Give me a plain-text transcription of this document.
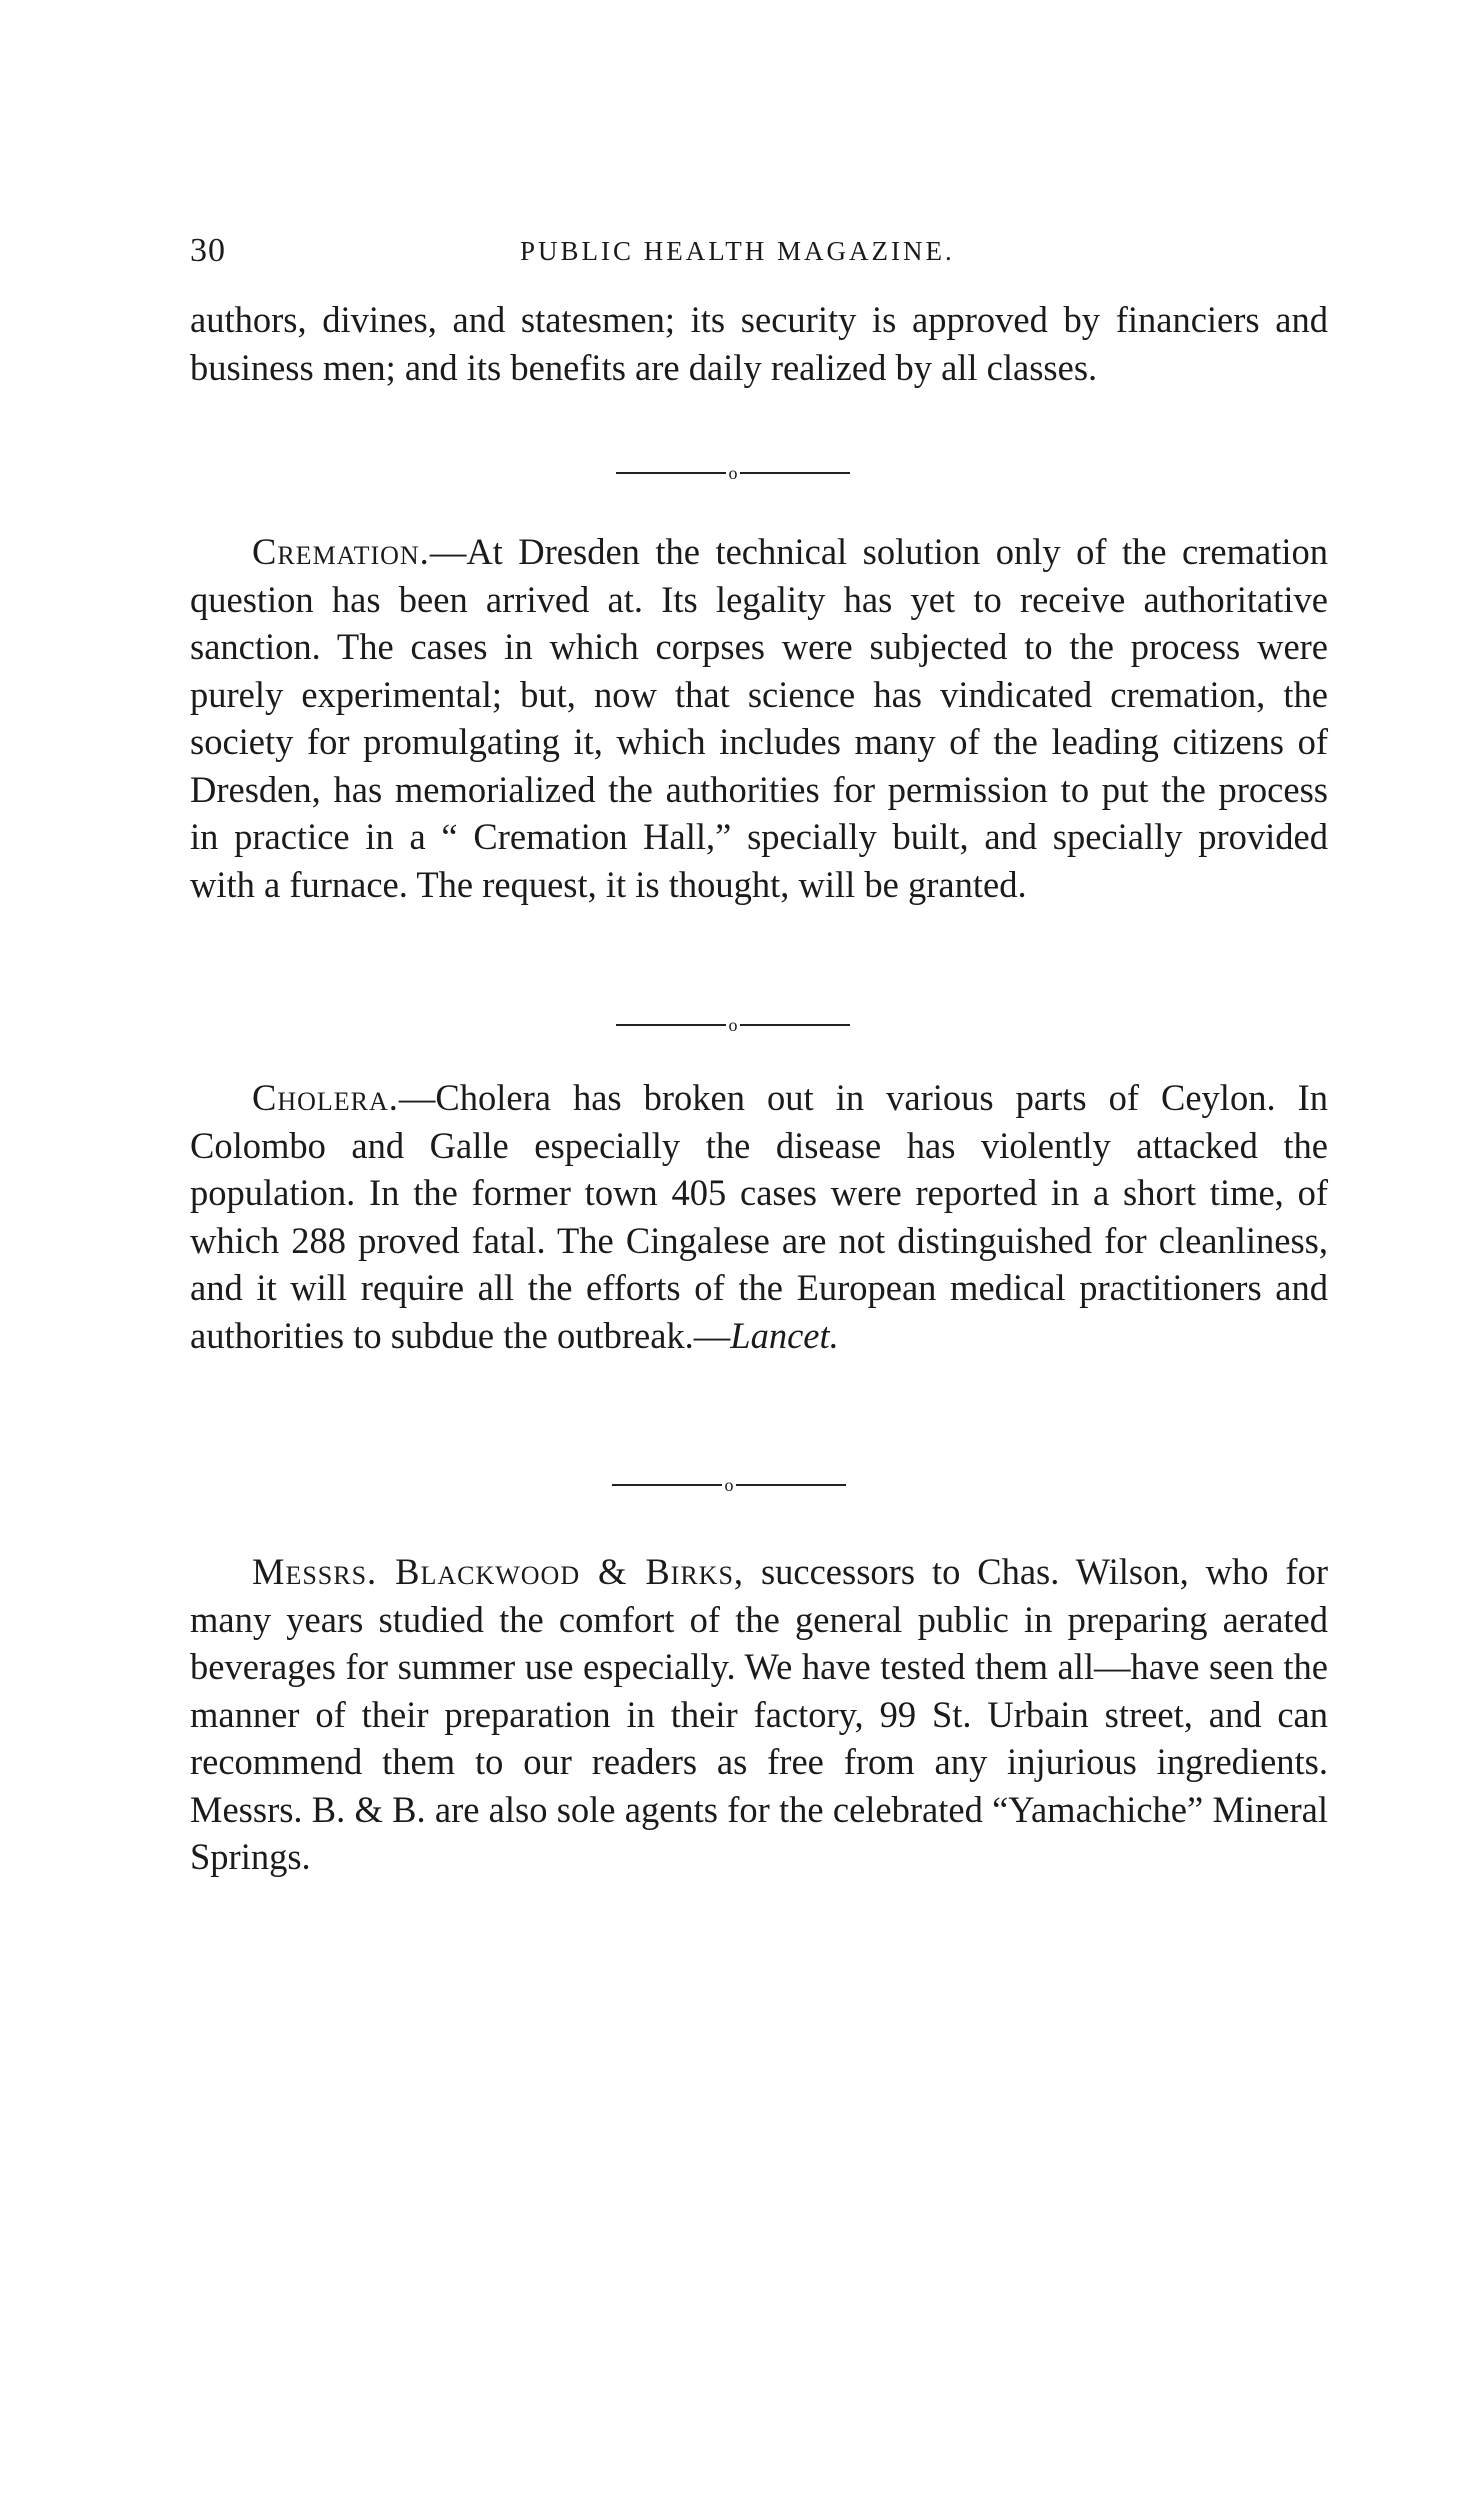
30	PUBLIC HEALTH MAGAZINE.

authors, divines, and statesmen; its security is approved by financiers and business men; and its benefits are daily realized by all classes.

o

Cremation.—At Dresden the technical solution only of the cremation question has been arrived at. Its legality has yet to receive authoritative sanction. The cases in which corpses were subjected to the process were purely experimental; but, now that science has vindicated cremation, the society for promulgating it, which includes many of the leading citizens of Dresden, has memorialized the authorities for permission to put the process in practice in a “ Cremation Hall,” specially built, and specially provided with a furnace. The request, it is thought, will be granted.

o

Cholera.—Cholera has broken out in various parts of Ceylon. In Colombo and Galle especially the disease has violently attacked the population. In the former town 405 cases were reported in a short time, of which 288 proved fatal. The Cingalese are not distinguished for cleanliness, and it will require all the efforts of the European medical practitioners and authorities to subdue the outbreak.—Lancet.

o

Messrs. Blackwood & Birks, successors to Chas. Wilson, who for many years studied the comfort of the general public in preparing aerated beverages for summer use especially. We have tested them all—have seen the manner of their preparation in their factory, 99 St. Urbain street, and can recommend them to our readers as free from any injurious ingredients. Messrs. B. & B. are also sole agents for the celebrated “Yamachiche” Mineral Springs.
